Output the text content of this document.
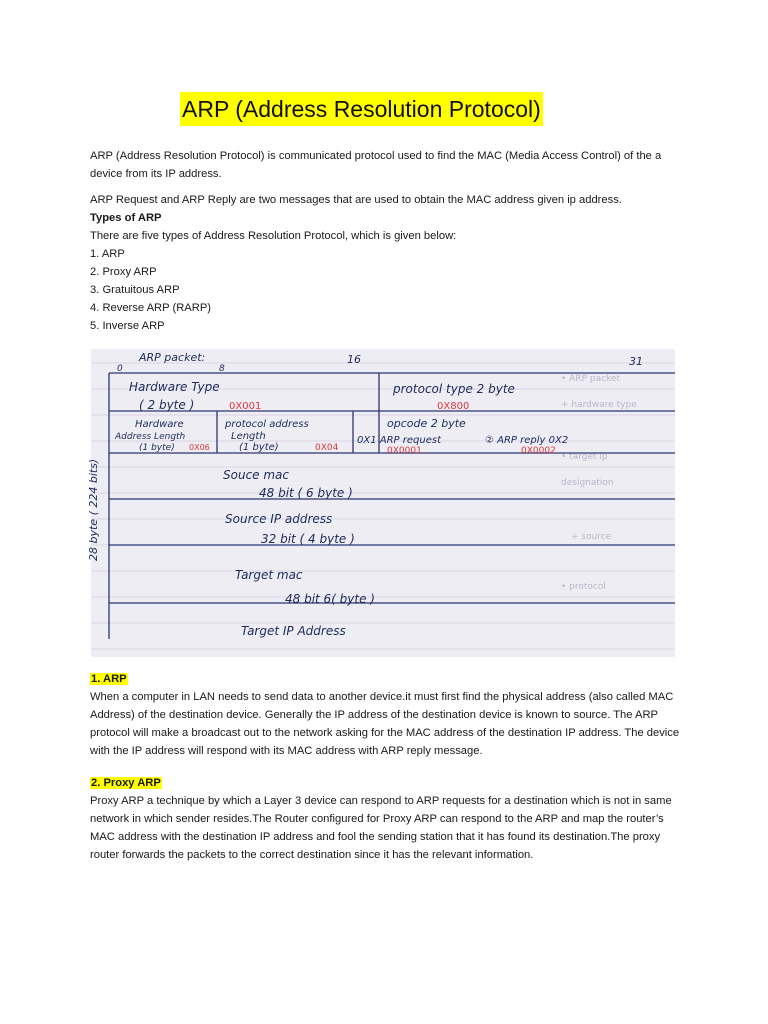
ARP (Address Resolution Protocol)

ARP (Address Resolution Protocol) is communicated protocol used to find the MAC (Media Access Control) of the a device from its IP address.

ARP Request and ARP Reply are two messages that are used to obtain the MAC address given ip address.

Types of ARP

There are five types of Address Resolution Protocol, which is given below:

1. ARP

2. Proxy ARP

3. Gratuitous ARP

4. Reverse ARP (RARP)

5. Inverse ARP

• ARP packet
+ hardware type
• target ip
designation
+ source
• protocol
ARP packet:
0	8
16	31
28 byte ( 224 bits)
Hardware Type
( 2 byte )	0X001
protocol type 2 byte
0X800
Hardware
Address Length
(1 byte) 0X06
protocol address
Length
(1 byte)	0X04
opcode 2 byte
0X1 ARP request
0X0001
② ARP reply 0X2
0X0002
Souce mac
48 bit ( 6 byte )
Source IP address
32 bit ( 4 byte )
Target mac
48 bit 6( byte )
Target IP Address

1. ARP

When a computer in LAN needs to send data to another device.it must first find the physical address (also called MAC Address) of the destination device. Generally the IP address of the destination device is known to source. The ARP protocol will make a broadcast out to the network asking for the MAC address of the destination IP address. The device with the IP address will respond with its MAC address with ARP reply message.

2. Proxy ARP

Proxy ARP a technique by which a Layer 3 device can respond to ARP requests for a destination which is not in same network in which sender resides.The Router configured for Proxy ARP can respond to the ARP and map the router’s MAC address with the destination IP address and fool the sending station that it has found its destination.The proxy router forwards the packets to the correct destination since it has the relevant information.
